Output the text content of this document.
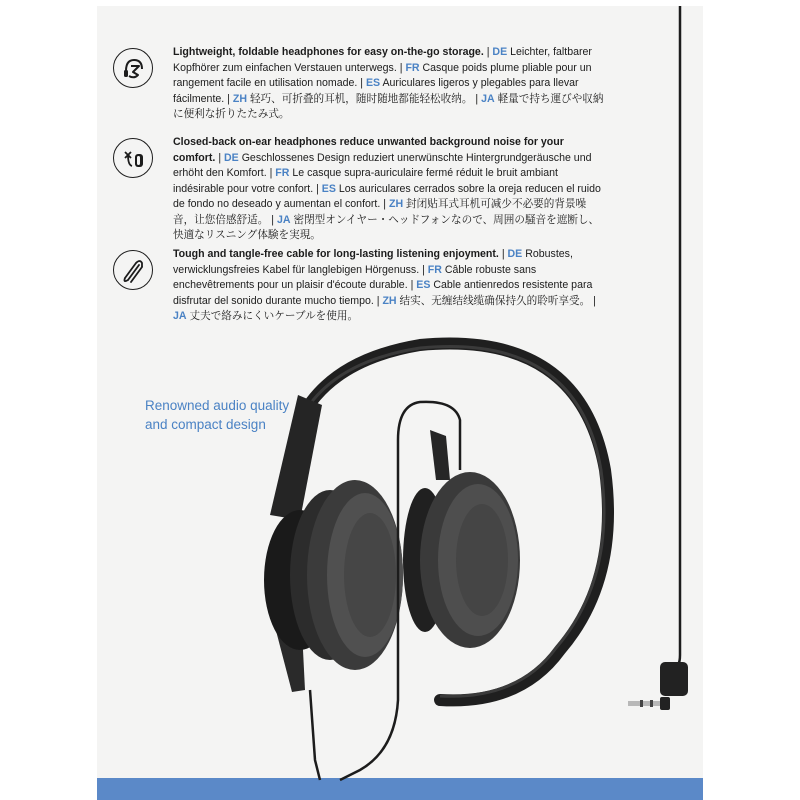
Lightweight, foldable headphones for easy on-the-go storage. | DE Leichter, faltbarer Kopfhörer zum einfachen Verstauen unterwegs. | FR Casque poids plume pliable pour un rangement facile en utilisation nomade. | ES Auriculares ligeros y plegables para llevar fácilmente. | ZH 轻巧、可折叠的耳机，随时随地都能轻松收纳。 | JA 軽量で持ち運びや収納に便利な折りたたみ式。
Closed-back on-ear headphones reduce unwanted background noise for your comfort. | DE Geschlossenes Design reduziert unerwünschte Hintergrundgeräusche und erhöht den Komfort. | FR Le casque supra-auriculaire fermé réduit le bruit ambiant indésirable pour votre confort. | ES Los auriculares cerrados sobre la oreja reducen el ruido de fondo no deseado y aumentan el confort. | ZH 封闭贴耳式耳机可减少不必要的背景噪音，让您倍感舒适。 | JA 密閉型オンイヤー・ヘッドフォンなので、周囲の騒音を遮断し、快適なリスニング体験を実現。
Tough and tangle-free cable for long-lasting listening enjoyment. | DE Robustes, verwicklungsfreies Kabel für langlebigen Hörgenuss. | FR Câble robuste sans enchevêtrements pour un plaisir d'écoute durable. | ES Cable antienredos resistente para disfrutar del sonido durante mucho tiempo. | ZH 结实、无缠结线缆确保持久的聆听享受。 | JA 丈夫で絡みにくいケーブルを使用。
Renowned audio quality and compact design
